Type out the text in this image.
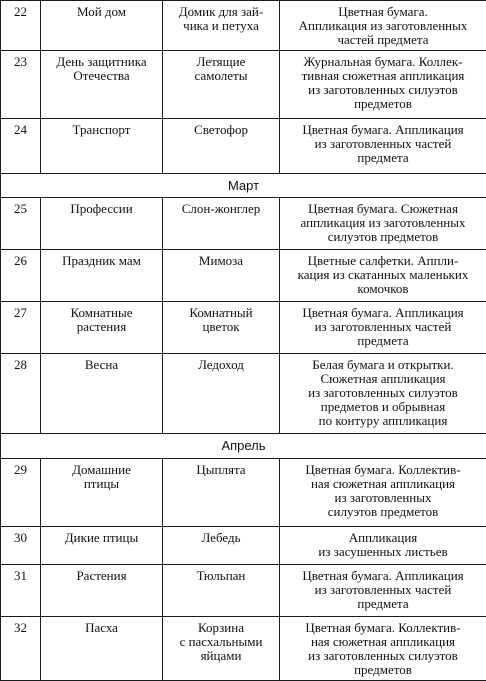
22	Мой дом	Домик для зай-
чика и петуха	Цветная бумага.
Аппликация из заготовленных
частей предмета
23	День защитника
Отечества	Летящие
самолеты	Журнальная бумага. Коллек-
тивная сюжетная аппликация
из заготовленных силуэтов
предметов
24	Транспорт	Светофор	Цветная бумага. Аппликация
из заготовленных частей
предмета
Март			
25	Профессии	Слон-жонглер	Цветная бумага. Сюжетная
аппликация из заготовленных
силуэтов предметов
26	Праздник мам	Мимоза	Цветные салфетки. Аппли-
кация из скатанных маленьких
комочков
27	Комнатные
растения	Комнатный
цветок	Цветная бумага. Аппликация
из заготовленных частей
предмета
28	Весна	Ледоход	Белая бумага и открытки.
Сюжетная аппликация
из заготовленных силуэтов
предметов и обрывная
по контуру аппликация
Апрель			
29	Домашние
птицы	Цыплята	Цветная бумага. Коллектив-
ная сюжетная аппликация
из заготовленных
силуэтов предметов
30	Дикие птицы	Лебедь	Аппликация
из засушенных листьев
31	Растения	Тюльпан	Цветная бумага. Аппликация
из заготовленных частей
предмета
32	Пасха	Корзина
с пасхальными
яйцами	Цветная бумага. Коллектив-
ная сюжетная аппликация
из заготовленных силуэтов предметов
